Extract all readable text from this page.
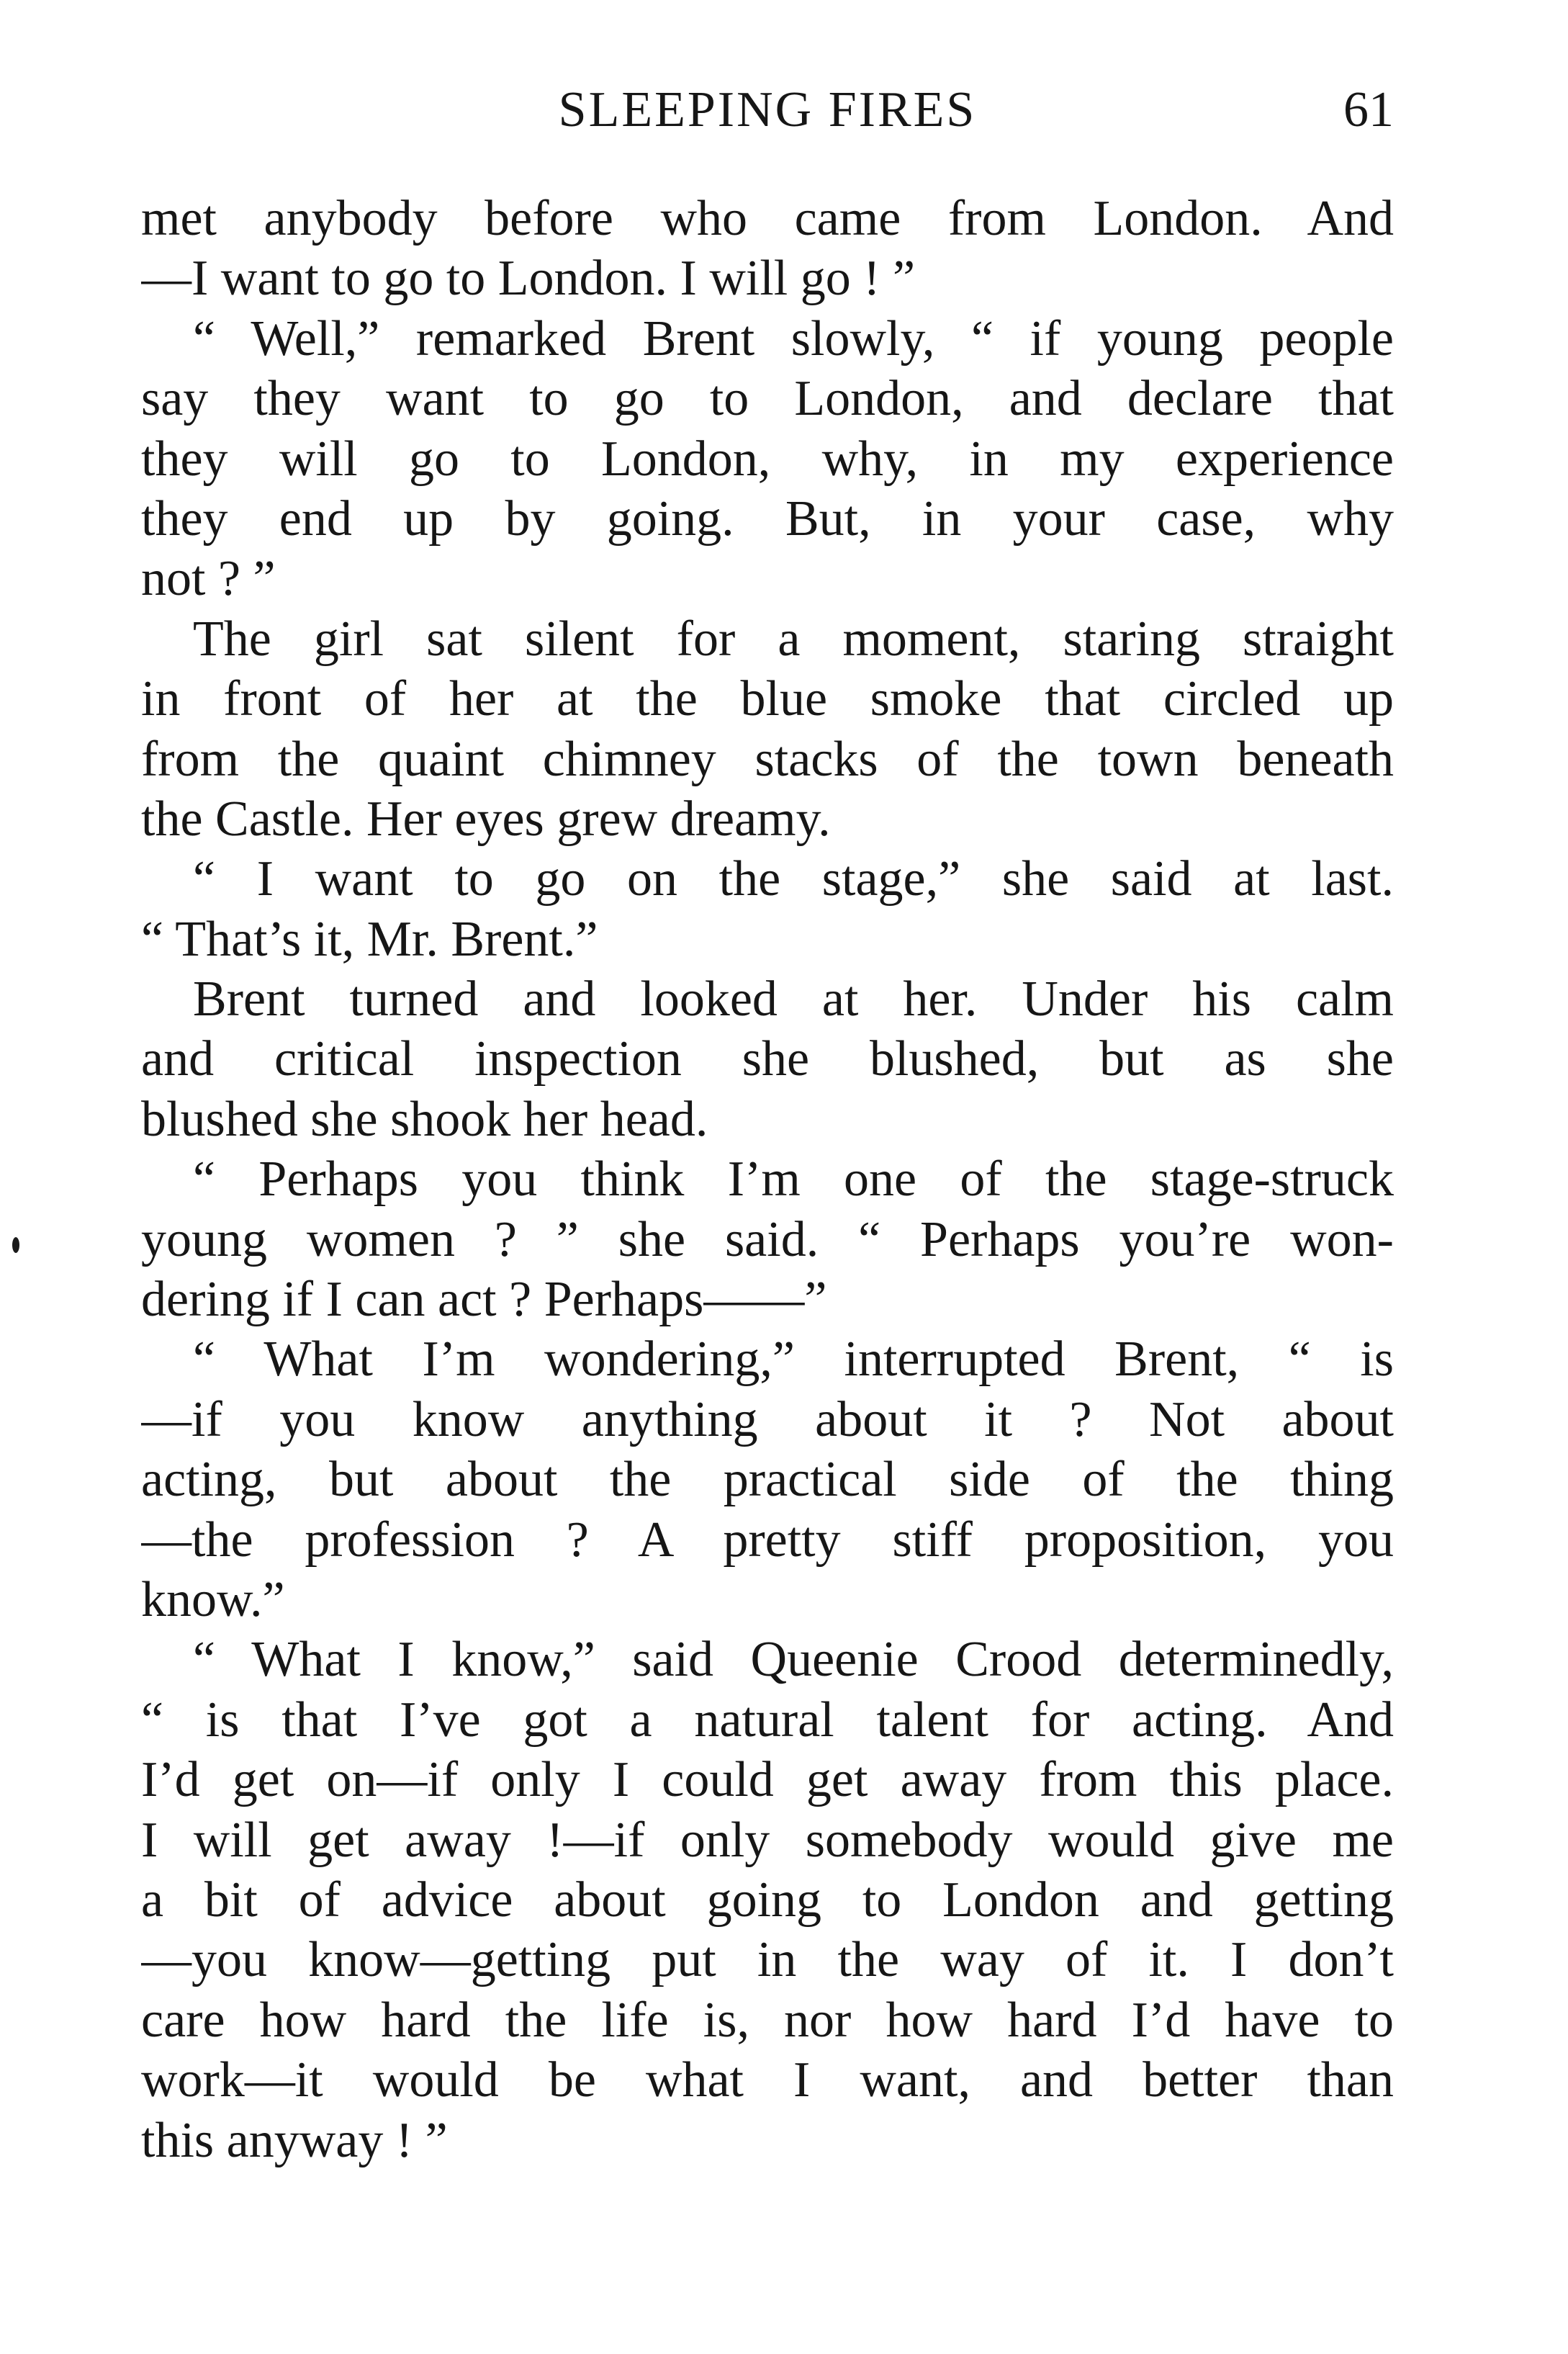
SLEEPING FIRES	61
met anybody before who came from London. And
—I want to go to London. I will go ! ”
“ Well,” remarked Brent slowly, “ if young people
say they want to go to London, and declare that
they will go to London, why, in my experience
they end up by going. But, in your case, why
not ? ”
The girl sat silent for a moment, staring straight
in front of her at the blue smoke that circled up
from the quaint chimney stacks of the town beneath
the Castle. Her eyes grew dreamy.
“ I want to go on the stage,” she said at last.
“ That’s it, Mr. Brent.”
Brent turned and looked at her. Under his calm
and critical inspection she blushed, but as she
blushed she shook her head.
“ Perhaps you think I’m one of the stage-struck
young women ? ” she said. “ Perhaps you’re won-
dering if I can act ? Perhaps——”
“ What I’m wondering,” interrupted Brent, “ is
—if you know anything about it ? Not about
acting, but about the practical side of the thing
—the profession ? A pretty stiff proposition, you
know.”
“ What I know,” said Queenie Crood determinedly,
“ is that I’ve got a natural talent for acting. And
I’d get on—if only I could get away from this place.
I will get away !—if only somebody would give me
a bit of advice about going to London and getting
—you know—getting put in the way of it. I don’t
care how hard the life is, nor how hard I’d have to
work—it would be what I want, and better than
this anyway ! ”
